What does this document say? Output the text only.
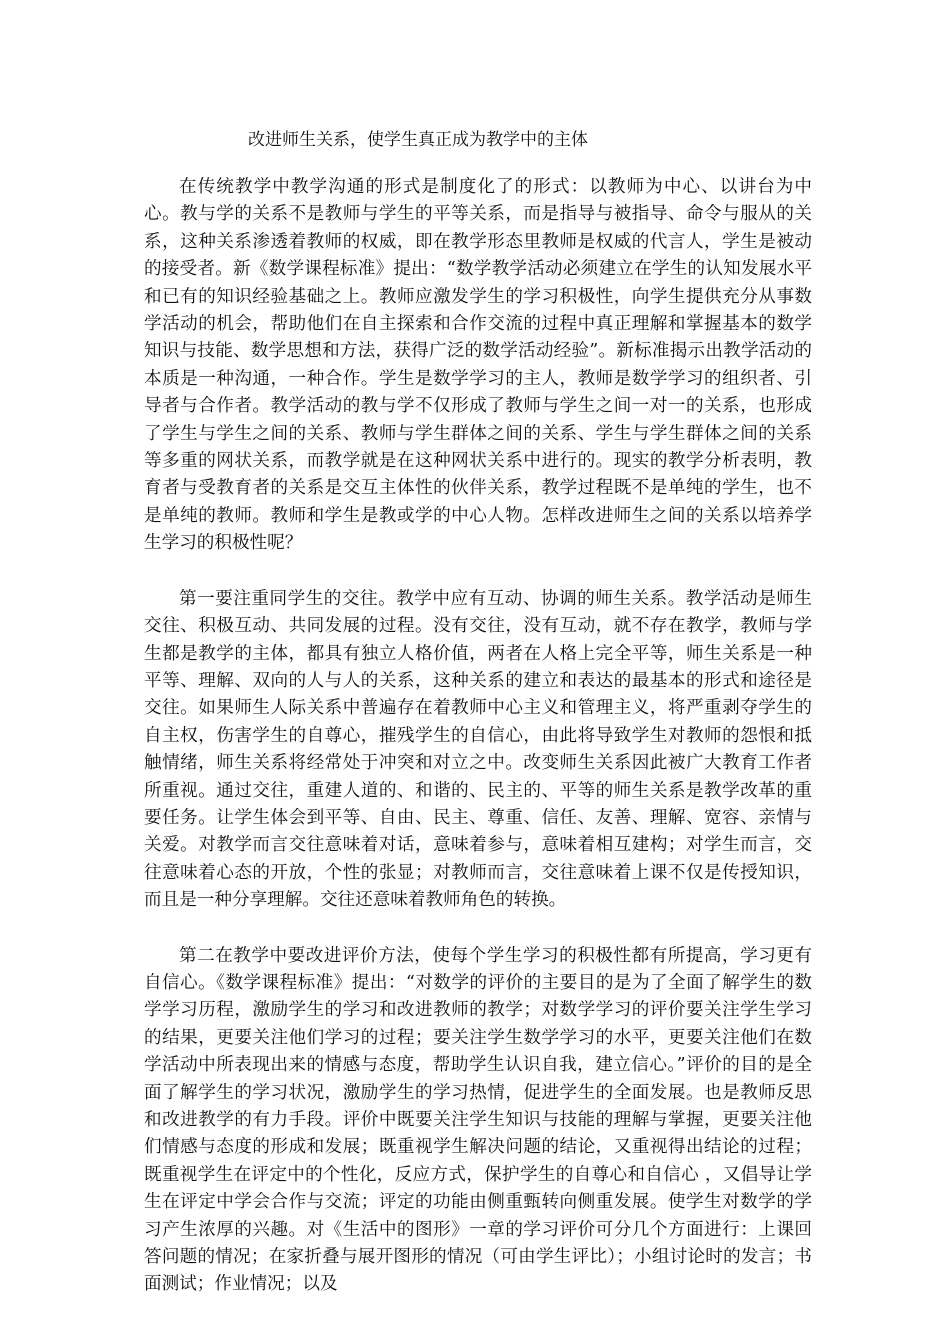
改进师生关系，使学生真正成为教学中的主体

在传统教学中教学沟通的形式是制度化了的形式：以教师为中心、以讲台为中心。教与学的关系不是教师与学生的平等关系，而是指导与被指导、命令与服从的关系，这种关系渗透着教师的权威，即在教学形态里教师是权威的代言人，学生是被动的接受者。新《数学课程标准》提出：“数学教学活动必须建立在学生的认知发展水平和已有的知识经验基础之上。教师应激发学生的学习积极性，向学生提供充分从事数学活动的机会，帮助他们在自主探索和合作交流的过程中真正理解和掌握基本的数学知识与技能、数学思想和方法，获得广泛的数学活动经验”。新标准揭示出教学活动的本质是一种沟通，一种合作。学生是数学学习的主人，教师是数学学习的组织者、引导者与合作者。教学活动的教与学不仅形成了教师与学生之间一对一的关系，也形成了学生与学生之间的关系、教师与学生群体之间的关系、学生与学生群体之间的关系等多重的网状关系，而教学就是在这种网状关系中进行的。现实的教学分析表明，教育者与受教育者的关系是交互主体性的伙伴关系，教学过程既不是单纯的学生，也不是单纯的教师。教师和学生是教或学的中心人物。怎样改进师生之间的关系以培养学生学习的积极性呢？

第一要注重同学生的交往。教学中应有互动、协调的师生关系。教学活动是师生交往、积极互动、共同发展的过程。没有交往，没有互动，就不存在教学，教师与学生都是教学的主体，都具有独立人格价值，两者在人格上完全平等，师生关系是一种平等、理解、双向的人与人的关系，这种关系的建立和表达的最基本的形式和途径是交往。如果师生人际关系中普遍存在着教师中心主义和管理主义，将严重剥夺学生的自主权，伤害学生的自尊心，摧残学生的自信心，由此将导致学生对教师的怨恨和抵触情绪，师生关系将经常处于冲突和对立之中。改变师生关系因此被广大教育工作者所重视。通过交往，重建人道的、和谐的、民主的、平等的师生关系是教学改革的重要任务。让学生体会到平等、自由、民主、尊重、信任、友善、理解、宽容、亲情与关爱。对教学而言交往意味着对话，意味着参与，意味着相互建构；对学生而言，交往意味着心态的开放，个性的张显；对教师而言，交往意味着上课不仅是传授知识，而且是一种分享理解。交往还意味着教师角色的转换。

第二在教学中要改进评价方法，使每个学生学习的积极性都有所提高，学习更有自信心。《数学课程标准》提出：“对数学的评价的主要目的是为了全面了解学生的数学学习历程，激励学生的学习和改进教师的教学；对数学学习的评价要关注学生学习的结果，更要关注他们学习的过程；要关注学生数学学习的水平，更要关注他们在数学活动中所表现出来的情感与态度，帮助学生认识自我，建立信心。”评价的目的是全面了解学生的学习状况，激励学生的学习热情，促进学生的全面发展。也是教师反思和改进教学的有力手段。评价中既要关注学生知识与技能的理解与掌握，更要关注他们情感与态度的形成和发展；既重视学生解决问题的结论，又重视得出结论的过程；既重视学生在评定中的个性化，反应方式，保护学生的自尊心和自信心 ，又倡导让学生在评定中学会合作与交流；评定的功能由侧重甄转向侧重发展。使学生对数学的学习产生浓厚的兴趣。对《生活中的图形》一章的学习评价可分几个方面进行：上课回答问题的情况；在家折叠与展开图形的情况（可由学生评比）；小组讨论时的发言；书面测试；作业情况；以及
